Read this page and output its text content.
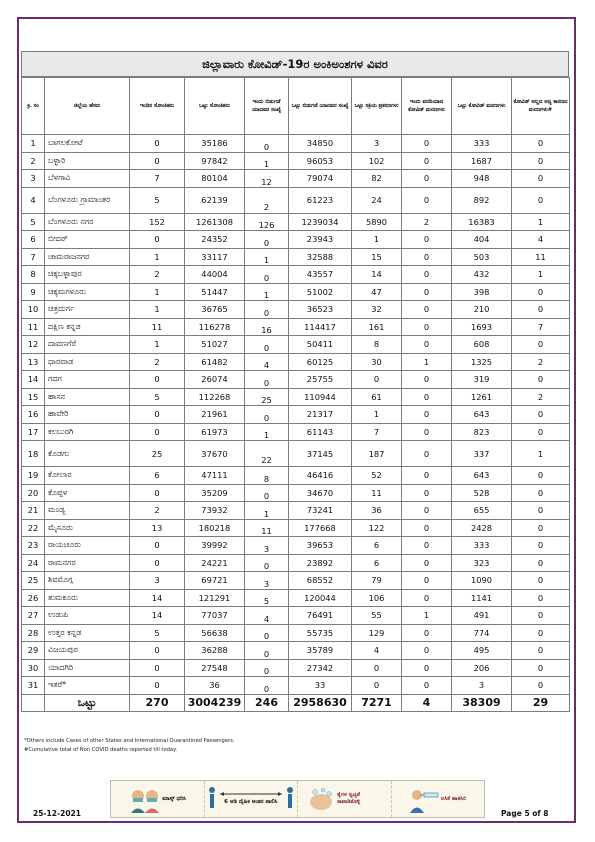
ಜಿಲ್ಲಾವಾರು ಕೋವಿಡ್-19ರ ಅಂಕಿಅಂಶಗಳ ವಿವರ
ಕ್ರ. ಸಂ	ಜಿಲ್ಲೆಯ ಹೆಸರು	ಇಂದಿನ ಸೋಂಕಿತರು	ಒಟ್ಟು ಸೋಂಕಿತರು	ಇಂದು ಬಿಡುಗಡೆ ಯಾದವರ ಸಂಖ್ಯೆ	ಒಟ್ಟು ಬಿಡುಗಡೆ ಯಾದವರ ಸಂಖ್ಯೆ	ಒಟ್ಟು ಸಕ್ರಿಯ ಪ್ರಕರಣಗಳು	ಇಂದು ವರದಿಯಾದ ಕೋವಿಡ್ ಮರಣಗಳು	ಒಟ್ಟು ಕೋವಿಡ್ ಮರಣಗಳು	ಕೋವಿಡ್ ಅಲ್ಲದ ಅನ್ಯ ಕಾರಣದ ಮರಣಗಳು#
1	ಬಾಗಲಕೋಟೆ	0	35186	0	34850	3	0	333	0
2	ಬಳ್ಳಾರಿ	0	97842	1	96053	102	0	1687	0
3	ಬೆಳಗಾವಿ	7	80104	12	79074	82	0	948	0
4	ಬೆಂಗಳೂರು ಗ್ರಾಮಾಂತರ	5	62139	2	61223	24	0	892	0
5	ಬೆಂಗಳೂರು ನಗರ	152	1261308	126	1239034	5890	2	16383	1
6	ಬೀದರ್	0	24352	0	23943	1	0	404	4
7	ಚಾಮರಾಜನಗರ	1	33117	1	32588	15	0	503	11
8	ಚಿಕ್ಕಬಳ್ಳಾಪುರ	2	44004	0	43557	14	0	432	1
9	ಚಿಕ್ಕಮಗಳೂರು	1	51447	1	51002	47	0	398	0
10	ಚಿತ್ರದುರ್ಗ	1	36765	0	36523	32	0	210	0
11	ದಕ್ಷಿಣ ಕನ್ನಡ	11	116278	16	114417	161	0	1693	7
12	ದಾವಣಗೆರೆ	1	51027	0	50411	8	0	608	0
13	ಧಾರವಾಡ	2	61482	4	60125	30	1	1325	2
14	ಗದಗ	0	26074	0	25755	0	0	319	0
15	ಹಾಸನ	5	112268	25	110944	61	0	1261	2
16	ಹಾವೇರಿ	0	21961	0	21317	1	0	643	0
17	ಕಲಬುರಗಿ	0	61973	1	61143	7	0	823	0
18	ಕೊಡಗು	25	37670	22	37145	187	0	337	1
19	ಕೋಲಾರ	6	47111	8	46416	52	0	643	0
20	ಕೊಪ್ಪಳ	0	35209	0	34670	11	0	528	0
21	ಮಂಡ್ಯ	2	73932	1	73241	36	0	655	0
22	ಮೈಸೂರು	13	180218	11	177668	122	0	2428	0
23	ರಾಯಚೂರು	0	39992	3	39653	6	0	333	0
24	ರಾಮನಗರ	0	24221	0	23892	6	0	323	0
25	ಶಿವಮೊಗ್ಗ	3	69721	3	68552	79	0	1090	0
26	ತುಮಕೂರು	14	121291	5	120044	106	0	1141	0
27	ಉಡುಪಿ	14	77037	4	76491	55	1	491	0
28	ಉತ್ತರ ಕನ್ನಡ	5	56638	0	55735	129	0	774	0
29	ವಿಜಯಪುರ	0	36288	0	35789	4	0	495	0
30	ಯಾದಗಿರಿ	0	27548	0	27342	0	0	206	0
31	ಇತರೆ*	0	36	0	33	0	0	3	0
	ಒಟ್ಟು	270	3004239	246	2958630	7271	4	38309	29
*Others include Cases of other States and International Quarantined Passengers.
#Cumulative total of Non COVID deaths reported till today.
ಮಾಸ್ಕ್ ಧರಿಸಿ	6 ಅಡಿ ದೈಹಿಕ ಅಂತರ ಪಾಲಿಸಿ
ಕೈಗಳ ಸ್ವಚ್ಛತೆ ಕಾಪಾಡಿಕೊಳ್ಳಿ
ಲಸಿಕೆ ಹಾಕಿಸಿರಿ
25-12-2021	Page 5 of 8
